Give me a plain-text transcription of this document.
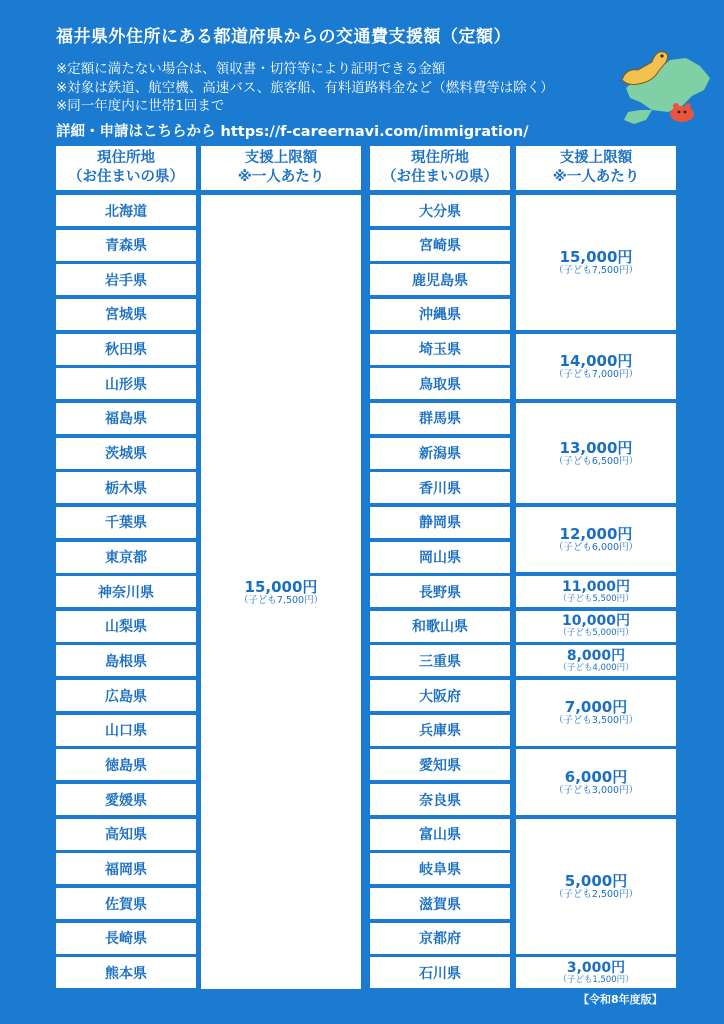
福井県外住所にある都道府県からの交通費支援額（定額）
※定額に満たない場合は、領収書・切符等により証明できる金額
※対象は鉄道、航空機、高速バス、旅客船、有料道路料金など（燃料費等は除く）
※同一年度内に世帯1回まで
詳細・申請はこちらから https://f-careernavi.com/immigration/
現住所地
（お住まいの県）
支援上限額
※一人あたり
北海道
青森県
岩手県
宮城県
秋田県
山形県
福島県
茨城県
栃木県
千葉県
東京都
神奈川県
山梨県
島根県
広島県
山口県
徳島県
愛媛県
高知県
福岡県
佐賀県
長崎県
熊本県
15,000円
（子ども7,500円）
現住所地
（お住まいの県）
支援上限額
※一人あたり
大分県
宮崎県
鹿児島県
沖縄県
埼玉県
鳥取県
群馬県
新潟県
香川県
静岡県
岡山県
長野県
和歌山県
三重県
大阪府
兵庫県
愛知県
奈良県
富山県
岐阜県
滋賀県
京都府
石川県
15,000円
（子ども7,500円）
14,000円
（子ども7,000円）
13,000円
（子ども6,500円）
12,000円
（子ども6,000円）
11,000円
（子ども5,500円）
10,000円
（子ども5,000円）
8,000円
（子ども4,000円）
7,000円
（子ども3,500円）
6,000円
（子ども3,000円）
5,000円
（子ども2,500円）
3,000円
（子ども1,500円）
【令和8年度版】
